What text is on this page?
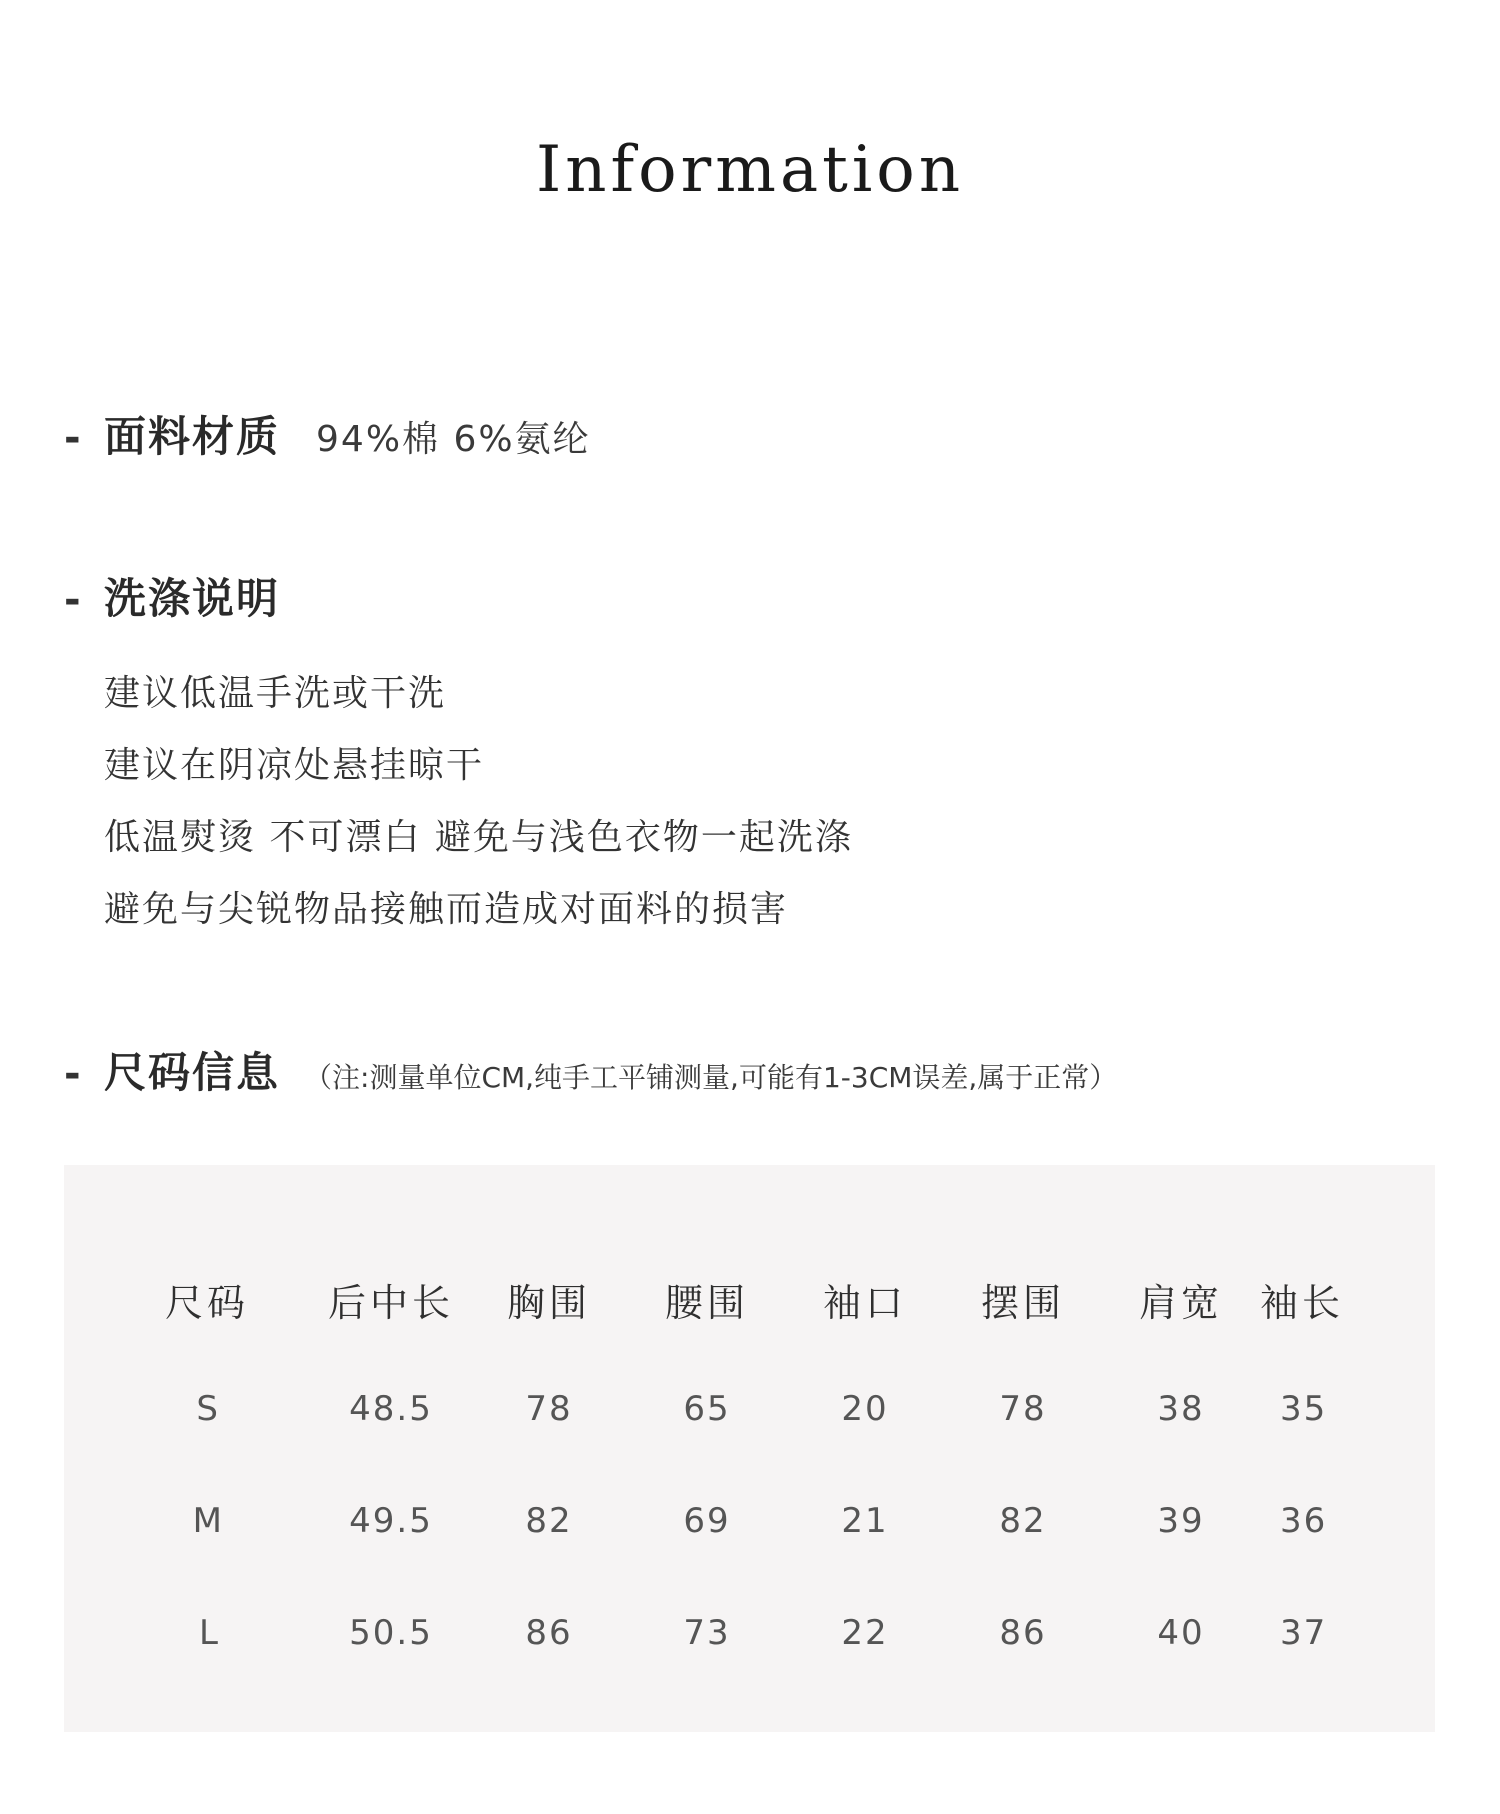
Information
- 面料材质 94%棉 6%氨纶
- 洗涤说明
建议低温手洗或干洗
建议在阴凉处悬挂晾干
低温熨烫 不可漂白 避免与浅色衣物一起洗涤
避免与尖锐物品接触而造成对面料的损害
- 尺码信息 （注:测量单位CM,纯手工平铺测量,可能有1-3CM误差,属于正常）
尺码	后中长	胸围	腰围	袖口	摆围	肩宽	袖长
S	48.5	78	65	20	78	38	35
M	49.5	82	69	21	82	39	36
L	50.5	86	73	22	86	40	37
